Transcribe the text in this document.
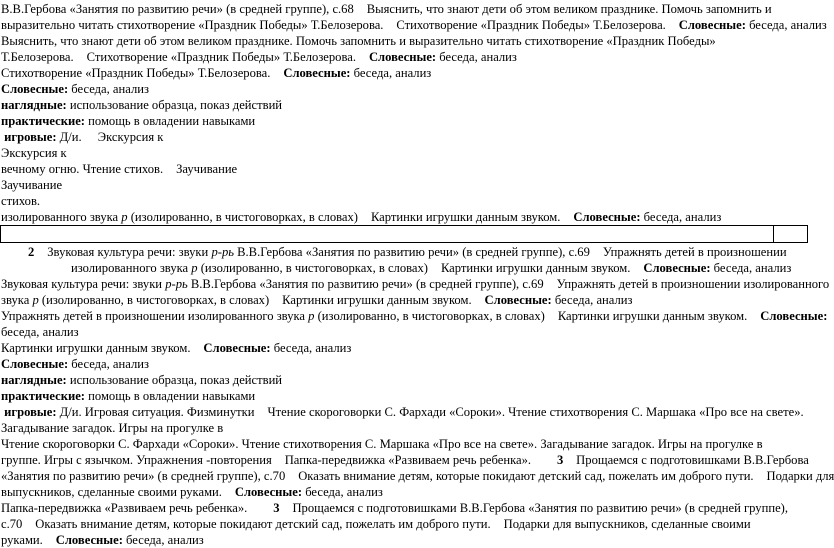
В.В.Гербова «Занятия по развитию речи» (в средней группе), с.68 Выяснить, что знают дети об этом великом празднике. Помочь запомнить и
выразительно читать стихотворение «Праздник Победы» Т.Белозерова. Стихотворение «Праздник Победы» Т.Белозерова. Словесные: беседа, анализ
Выяснить, что знают дети об этом великом празднике. Помочь запомнить и выразительно читать стихотворение «Праздник Победы»
Т.Белозерова. Стихотворение «Праздник Победы» Т.Белозерова. Словесные: беседа, анализ
Стихотворение «Праздник Победы» Т.Белозерова. Словесные: беседа, анализ
Словесные: беседа, анализ
наглядные: использование образца, показ действий
практические: помощь в овладении навыками
игровые: Д/и. Экскурсия к
Экскурсия к
вечному огню. Чтение стихов. Заучивание
Заучивание
стихов.
изолированного звука р (изолированно, в чистоговорках, в словах) Картинки игрушки данным звуком. Словесные: беседа, анализ
2 Звуковая культура речи: звуки р-рь В.В.Гербова «Занятия по развитию речи» (в средней группе), с.69 Упражнять детей в произношении
изолированного звука р (изолированно, в чистоговорках, в словах) Картинки игрушки данным звуком. Словесные: беседа, анализ
Звуковая культура речи: звуки р-рь В.В.Гербова «Занятия по развитию речи» (в средней группе), с.69 Упражнять детей в произношении изолированного
звука р (изолированно, в чистоговорках, в словах) Картинки игрушки данным звуком. Словесные: беседа, анализ
Упражнять детей в произношении изолированного звука р (изолированно, в чистоговорках, в словах) Картинки игрушки данным звуком. Словесные:
беседа, анализ
Картинки игрушки данным звуком. Словесные: беседа, анализ
Словесные: беседа, анализ
наглядные: использование образца, показ действий
практические: помощь в овладении навыками
игровые: Д/и. Игровая ситуация. Физминутки Чтение скороговорки С. Фархади «Сороки». Чтение стихотворения С. Маршака «Про все на свете».
Загадывание загадок. Игры на прогулке в
Чтение скороговорки С. Фархади «Сороки». Чтение стихотворения С. Маршака «Про все на свете». Загадывание загадок. Игры на прогулке в
группе. Игры с язычком. Упражнения -повторения Папка-передвижка «Развиваем речь ребенка». 3 Прощаемся с подготовишками В.В.Гербова
«Занятия по развитию речи» (в средней группе), с.70 Оказать внимание детям, которые покидают детский сад, пожелать им доброго пути. Подарки для
выпускников, сделанные своими руками. Словесные: беседа, анализ
Папка-передвижка «Развиваем речь ребенка». 3 Прощаемся с подготовишками В.В.Гербова «Занятия по развитию речи» (в средней группе),
с.70 Оказать внимание детям, которые покидают детский сад, пожелать им доброго пути. Подарки для выпускников, сделанные своими
руками. Словесные: беседа, анализ
